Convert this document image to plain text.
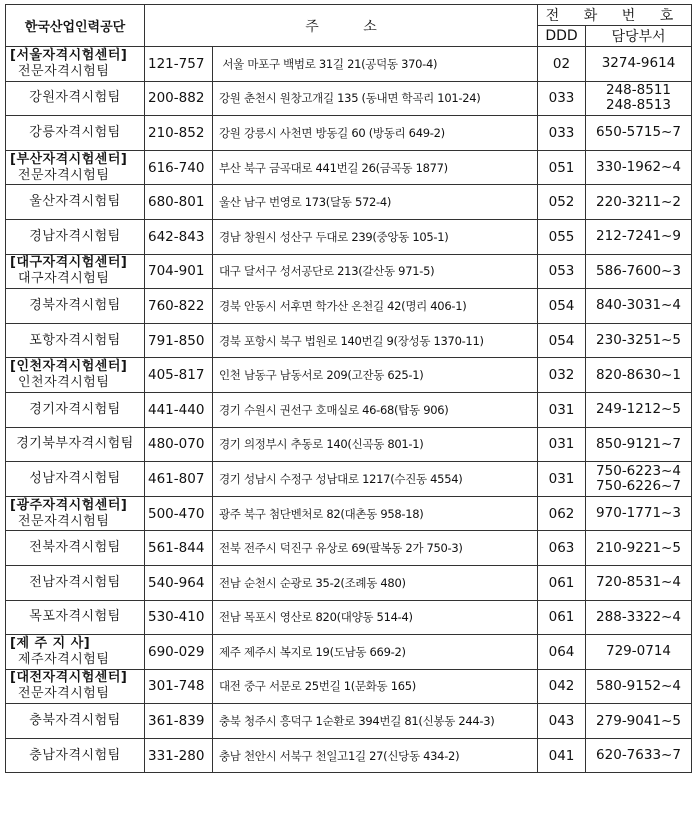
한국산업인력공단	주          소		전 화 번 호	
			DDD	담당부서

[서울자격시험센터]
전문자격시험팀	121-757	서울 마포구 백범로 31길 21(공덕동 370-4)	02	3274-9614

강원자격시험팀	200-882	강원 춘천시 원창고개길 135 (동내면 학곡리 101-24)	033	248-8511
248-8513

강릉자격시험팀	210-852	강원 강릉시 사천면 방동길 60 (방동리 649-2)	033	650-5715~7

[부산자격시험센터]
전문자격시험팀	616-740	부산 북구 금곡대로 441번길 26(금곡동 1877)	051	330-1962~4

울산자격시험팀	680-801	울산 남구 번영로 173(달동 572-4)	052	220-3211~2

경남자격시험팀	642-843	경남 창원시 성산구 두대로 239(중앙동 105-1)	055	212-7241~9

[대구자격시험센터]
대구자격시험팀	704-901	대구 달서구 성서공단로 213(갈산동 971-5)	053	586-7600~3

경북자격시험팀	760-822	경북 안동시 서후면 학가산 온천길 42(명리 406-1)	054	840-3031~4

포항자격시험팀	791-850	경북 포항시 북구 법원로 140번길 9(장성동 1370-11)	054	230-3251~5

[인천자격시험센터]
인천자격시험팀	405-817	인천 남동구 남동서로 209(고잔동 625-1)	032	820-8630~1

경기자격시험팀	441-440	경기 수원시 권선구 호매실로 46-68(탑동 906)	031	249-1212~5

경기북부자격시험팀	480-070	경기 의정부시 추동로 140(신곡동 801-1)	031	850-9121~7

성남자격시험팀	461-807	경기 성남시 수정구 성남대로 1217(수진동 4554)	031	750-6223~4
750-6226~7

[광주자격시험센터]
전문자격시험팀	500-470	광주 북구 첨단벤처로 82(대촌동 958-18)	062	970-1771~3

전북자격시험팀	561-844	전북 전주시 덕진구 유상로 69(팔복동 2가 750-3)	063	210-9221~5

전남자격시험팀	540-964	전남 순천시 순광로 35-2(조례동 480)	061	720-8531~4

목포자격시험팀	530-410	전남 목포시 영산로 820(대양동 514-4)	061	288-3322~4

[제 주 지 사]
제주자격시험팀	690-029	제주 제주시 복지로 19(도남동 669-2)	064	729-0714

[대전자격시험센터]
전문자격시험팀	301-748	대전 중구 서문로 25번길 1(문화동 165)	042	580-9152~4

충북자격시험팀	361-839	충북 청주시 흥덕구 1순환로 394번길 81(신봉동 244-3)	043	279-9041~5

충남자격시험팀	331-280	충남 천안시 서북구 천일고1길 27(신당동 434-2)	041	620-7633~7
